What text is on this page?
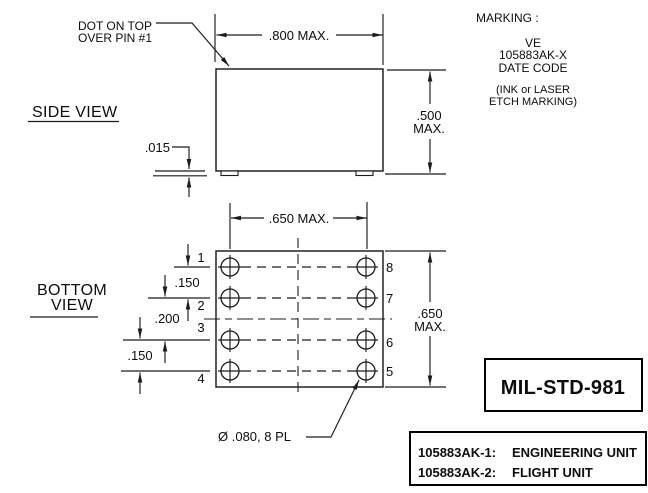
SIDE VIEW
DOT ON TOP
OVER PIN #1	.800 MAX.
.500
MAX.
.015
MARKING :
VE
105883AK-X
DATE CODE
(INK or LASER
ETCH MARKING)
BOTTOM
VIEW
1
2
3
4
8
7
6
5
.650 MAX.
.650
MAX.
.150
.200
.150
Ø .080, 8 PL
MIL-STD-981
105883AK-1: ENGINEERING UNIT
105883AK-2: FLIGHT UNIT
